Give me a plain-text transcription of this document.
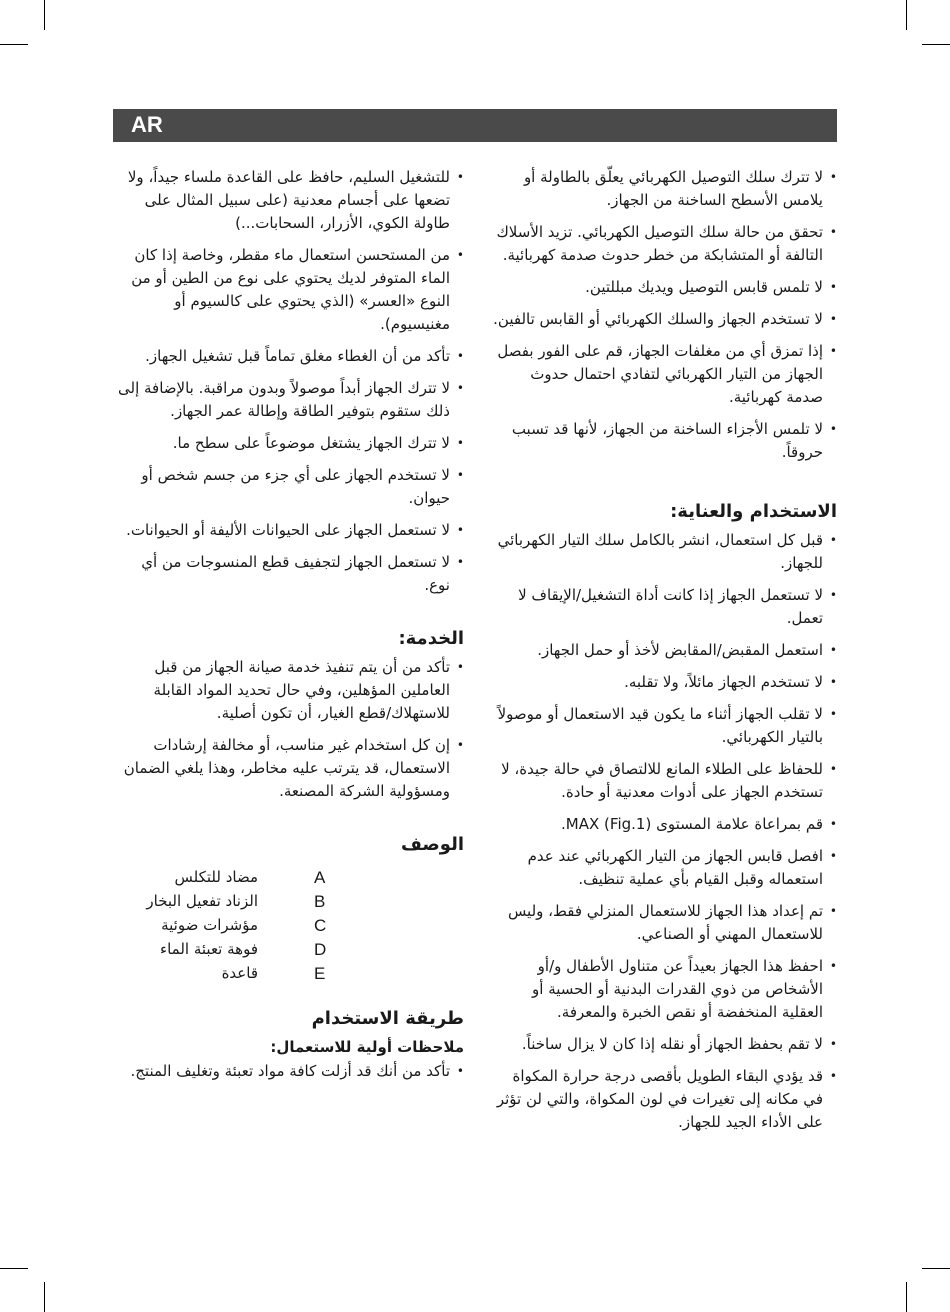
AR
• لا تترك سلك التوصيل الكهربائي يعلّق بالطاولة أو يلامس الأسطح الساخنة من الجهاز.
• تحقق من حالة سلك التوصيل الكهربائي. تزيد الأسلاك التالفة أو المتشابكة من خطر حدوث صدمة كهربائية.
• لا تلمس قابس التوصيل ويديك مبللتين.
• لا تستخدم الجهاز والسلك الكهربائي أو القابس تالفين.
• إذا تمزق أي من مغلفات الجهاز، قم على الفور بفصل الجهاز من التيار الكهربائي لتفادي احتمال حدوث صدمة كهربائية.
• لا تلمس الأجزاء الساخنة من الجهاز، لأنها قد تسبب حروقاً.
الاستخدام والعناية:
• قبل كل استعمال، انشر بالكامل سلك التيار الكهربائي للجهاز.
• لا تستعمل الجهاز إذا كانت أداة التشغيل/الإيقاف لا تعمل.
• استعمل المقبض/المقابض لأخذ أو حمل الجهاز.
• لا تستخدم الجهاز مائلاً، ولا تقلبه.
• لا تقلب الجهاز أثناء ما يكون قيد الاستعمال أو موصولاً بالتيار الكهربائي.
• للحفاظ على الطلاء المانع للالتصاق في حالة جيدة، لا تستخدم الجهاز على أدوات معدنية أو حادة.
• قم بمراعاة علامة المستوى (Fig.1) MAX.
• افصل قابس الجهاز من التيار الكهربائي عند عدم استعماله وقبل القيام بأي عملية تنظيف.
• تم إعداد هذا الجهاز للاستعمال المنزلي فقط، وليس للاستعمال المهني أو الصناعي.
• احفظ هذا الجهاز بعيداً عن متناول الأطفال و/أو الأشخاص من ذوي القدرات البدنية أو الحسية أو العقلية المنخفضة أو نقص الخبرة والمعرفة.
• لا تقم بحفظ الجهاز أو نقله إذا كان لا يزال ساخناً.
• قد يؤدي البقاء الطويل بأقصى درجة حرارة المكواة في مكانه إلى تغيرات في لون المكواة، والتي لن تؤثر على الأداء الجيد للجهاز.
• للتشغيل السليم، حافظ على القاعدة ملساء جيداً، ولا تضعها على أجسام معدنية (على سبيل المثال على طاولة الكوي، الأزرار، السحابات...)
• من المستحسن استعمال ماء مقطر، وخاصة إذا كان الماء المتوفر لديك يحتوي على نوع من الطين أو من النوع «العسر» (الذي يحتوي على كالسيوم أو مغنيسيوم).
• تأكد من أن الغطاء مغلق تماماً قبل تشغيل الجهاز.
• لا تترك الجهاز أبداً موصولاً وبدون مراقبة. بالإضافة إلى ذلك ستقوم بتوفير الطاقة وإطالة عمر الجهاز.
• لا تترك الجهاز يشتغل موضوعاً على سطح ما.
• لا تستخدم الجهاز على أي جزء من جسم شخص أو حيوان.
• لا تستعمل الجهاز على الحيوانات الأليفة أو الحيوانات.
• لا تستعمل الجهاز لتجفيف قطع المنسوجات من أي نوع.
الخدمة:
• تأكد من أن يتم تنفيذ خدمة صيانة الجهاز من قبل العاملين المؤهلين، وفي حال تحديد المواد القابلة للاستهلاك/قطع الغيار، أن تكون أصلية.
• إن كل استخدام غير مناسب، أو مخالفة إرشادات الاستعمال، قد يترتب عليه مخاطر، وهذا يلغي الضمان ومسؤولية الشركة المصنعة.
الوصف
مضاد للتكلس		A
الزناد تفعيل البخار		B
مؤشرات ضوئية		C
فوهة تعبئة الماء		D
قاعدة		E
طريقة الاستخدام
ملاحظات أولية للاستعمال:
• تأكد من أنك قد أزلت كافة مواد تعبئة وتغليف المنتج.
